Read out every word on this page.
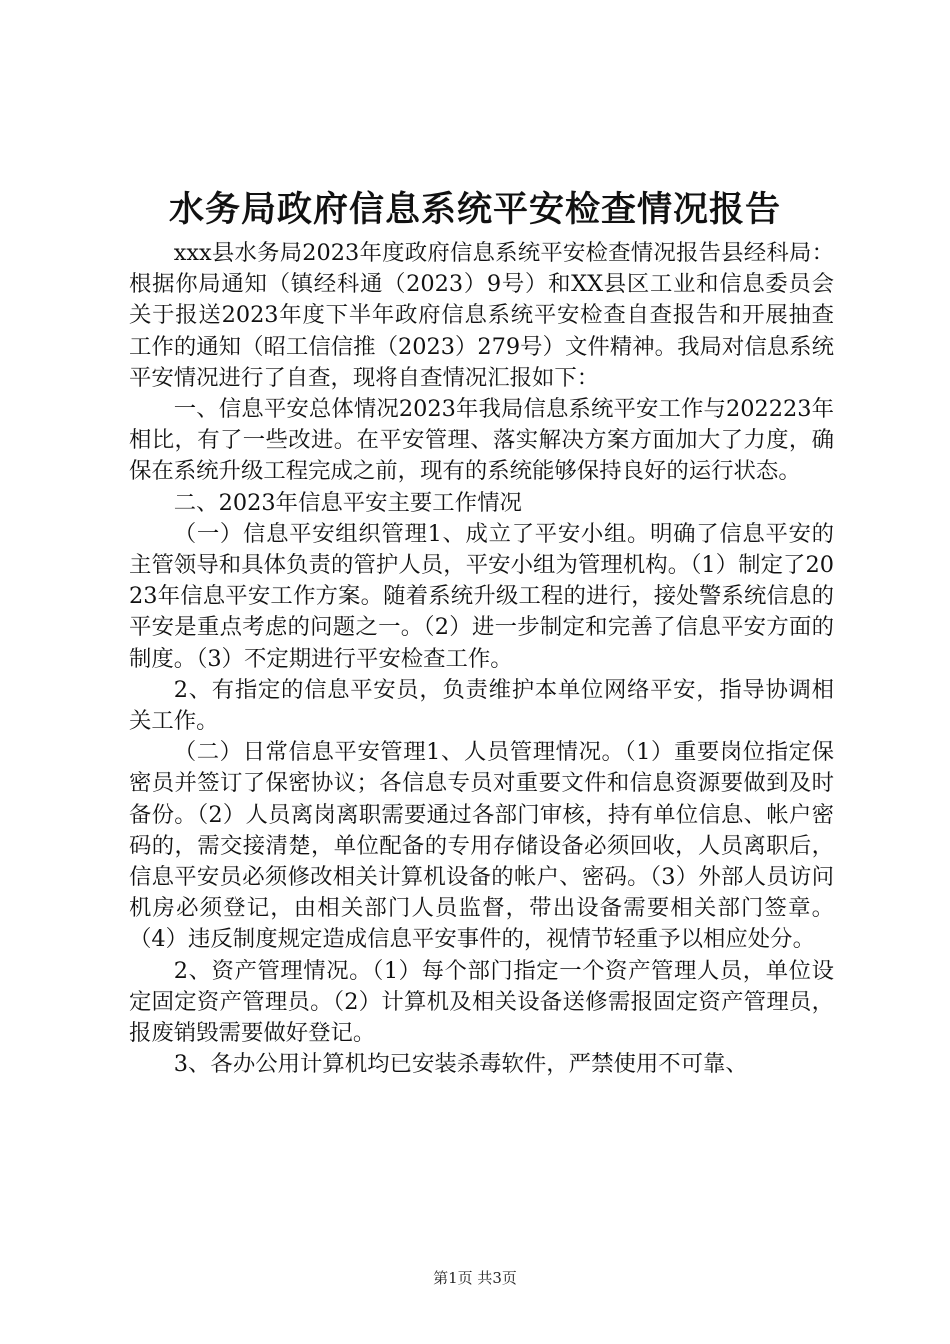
水务局政府信息系统平安检查情况报告

xxx县水务局2023年度政府信息系统平安检查情况报告县经科局：根据你局通知（镇经科通（2023）9号）和XX县区工业和信息委员会关于报送2023年度下半年政府信息系统平安检查自查报告和开展抽查工作的通知（昭工信信推（2023）279号）文件精神。我局对信息系统平安情况进行了自查，现将自查情况汇报如下：

一、信息平安总体情况2023年我局信息系统平安工作与202223年相比，有了一些改进。在平安管理、落实解决方案方面加大了力度，确保在系统升级工程完成之前，现有的系统能够保持良好的运行状态。

二、2023年信息平安主要工作情况

（一）信息平安组织管理1、成立了平安小组。明确了信息平安的主管领导和具体负责的管护人员，平安小组为管理机构。（1）制定了2023年信息平安工作方案。随着系统升级工程的进行，接处警系统信息的平安是重点考虑的问题之一。（2）进一步制定和完善了信息平安方面的制度。（3）不定期进行平安检查工作。

2、有指定的信息平安员，负责维护本单位网络平安，指导协调相关工作。

（二）日常信息平安管理1、人员管理情况。（1）重要岗位指定保密员并签订了保密协议；各信息专员对重要文件和信息资源要做到及时备份。（2）人员离岗离职需要通过各部门审核，持有单位信息、帐户密码的，需交接清楚，单位配备的专用存储设备必须回收，人员离职后，信息平安员必须修改相关计算机设备的帐户、密码。（3）外部人员访问机房必须登记，由相关部门人员监督，带出设备需要相关部门签章。（4）违反制度规定造成信息平安事件的，视情节轻重予以相应处分。

2、资产管理情况。（1）每个部门指定一个资产管理人员，单位设定固定资产管理员。（2）计算机及相关设备送修需报固定资产管理员，报废销毁需要做好登记。

3、各办公用计算机均已安装杀毒软件，严禁使用不可靠、

第1页 共3页
